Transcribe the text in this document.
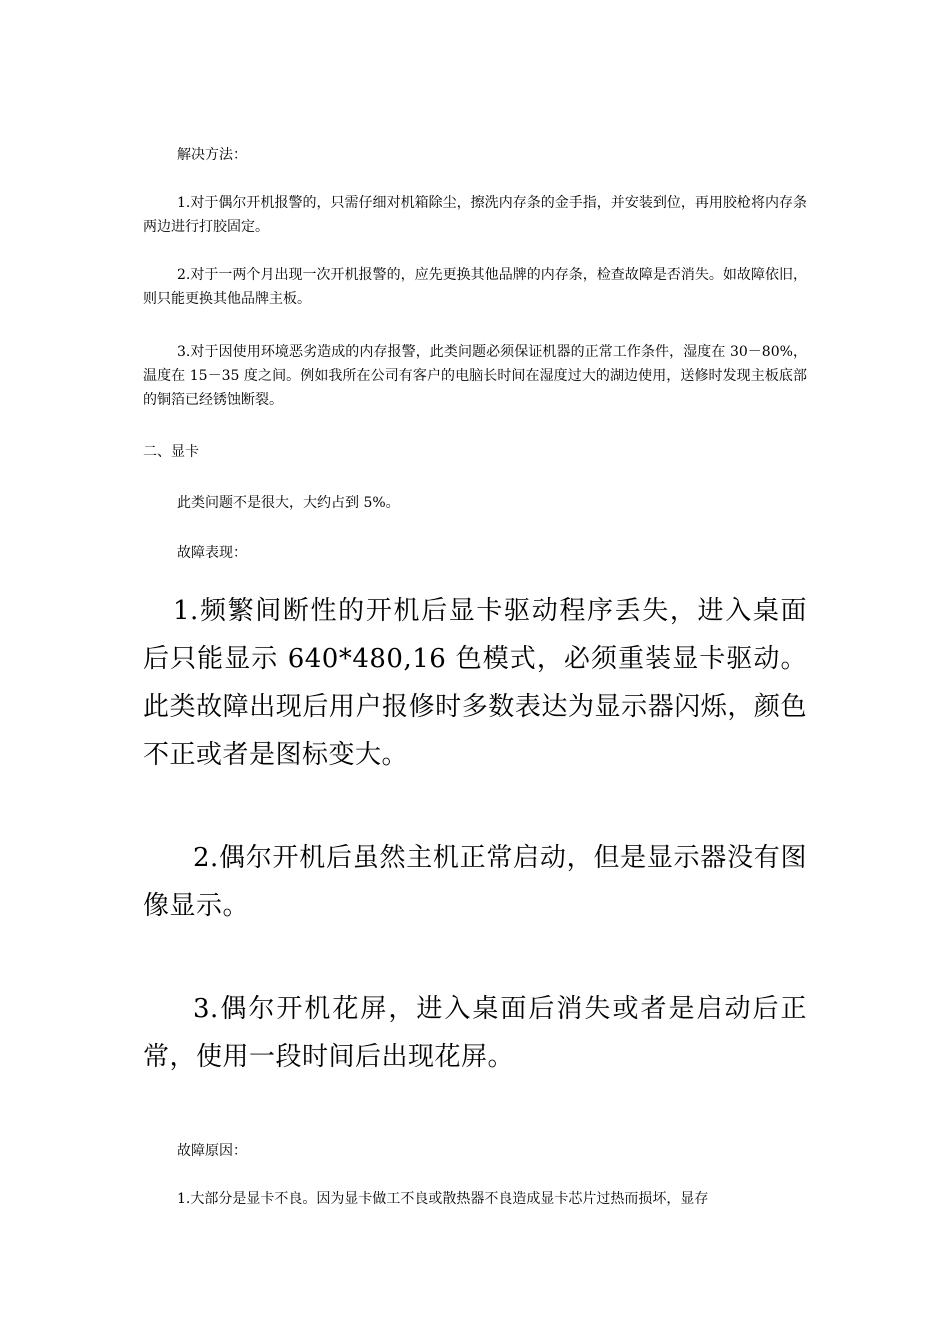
解决方法：

1.对于偶尔开机报警的，只需仔细对机箱除尘，擦洗内存条的金手指，并安装到位，再用胶枪将内存条两边进行打胶固定。

2.对于一两个月出现一次开机报警的，应先更换其他品牌的内存条，检查故障是否消失。如故障依旧，则只能更换其他品牌主板。

3.对于因使用环境恶劣造成的内存报警，此类问题必须保证机器的正常工作条件，湿度在 30－80%，温度在 15－35 度之间。例如我所在公司有客户的电脑长时间在湿度过大的湖边使用，送修时发现主板底部的铜箔已经锈蚀断裂。

二、显卡

此类问题不是很大，大约占到 5%。

故障表现：

1.频繁间断性的开机后显卡驱动程序丢失，进入桌面后只能显示 640*480,16 色模式，必须重装显卡驱动。此类故障出现后用户报修时多数表达为显示器闪烁，颜色不正或者是图标变大。

2.偶尔开机后虽然主机正常启动，但是显示器没有图像显示。

3.偶尔开机花屏，进入桌面后消失或者是启动后正常，使用一段时间后出现花屏。

故障原因：

1.大部分是显卡不良。因为显卡做工不良或散热器不良造成显卡芯片过热而损坏，显存
